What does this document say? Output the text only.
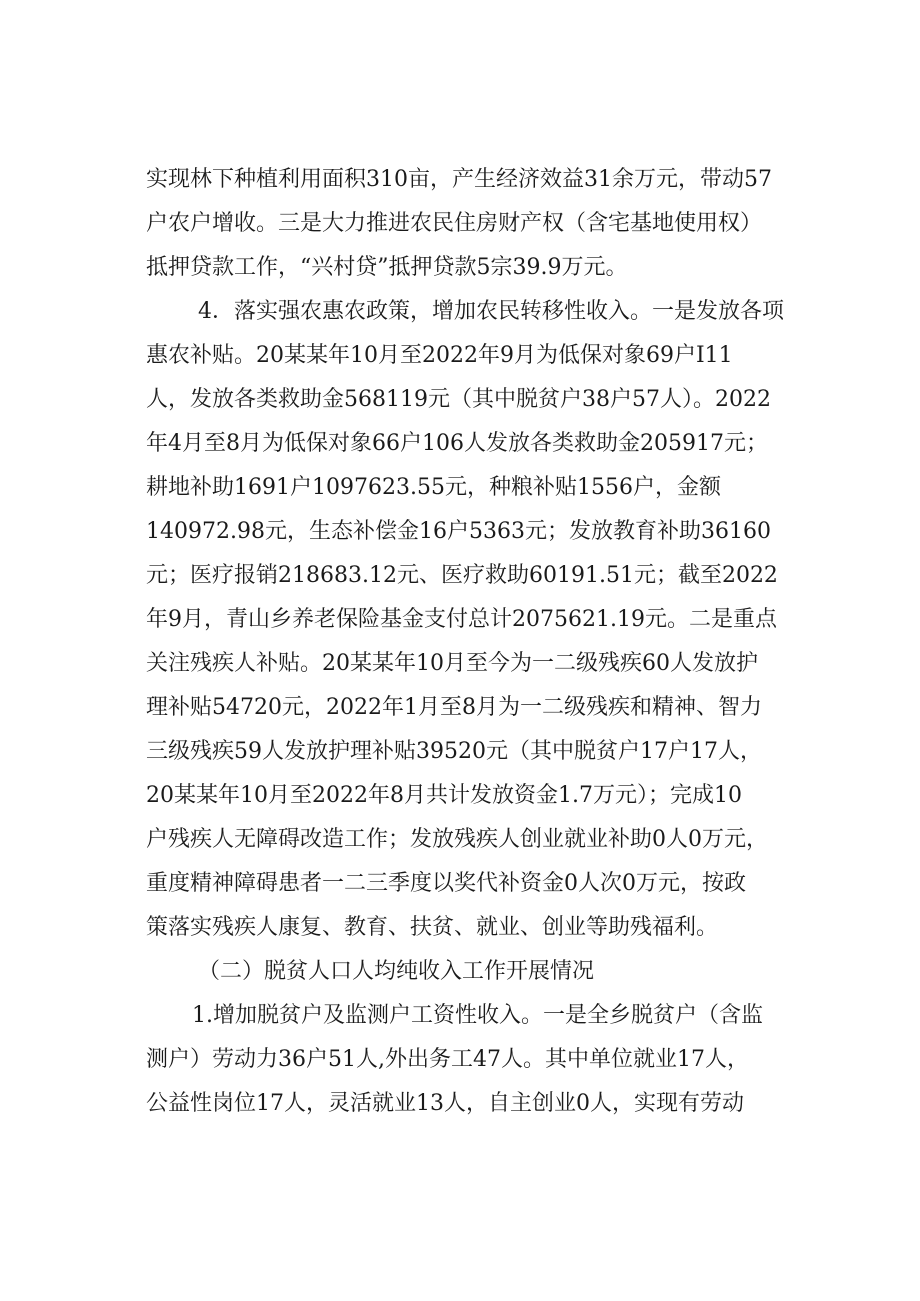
实现林下种植利用面积310亩，产生经济效益31余万元，带动57
户农户增收。三是大力推进农民住房财产权（含宅基地使用权）
抵押贷款工作，“兴村贷”抵押贷款5宗39.9万元。
4．落实强农惠农政策，增加农民转移性收入。一是发放各项
惠农补贴。20某某年10月至2022年9月为低保对象69户I11
人，发放各类救助金568119元（其中脱贫户38户57人）。2022
年4月至8月为低保对象66户106人发放各类救助金205917元；
耕地补助1691户1097623.55元，种粮补贴1556户，金额
140972.98元，生态补偿金16户5363元；发放教育补助36160
元；医疗报销218683.12元、医疗救助60191.51元；截至2022
年9月，青山乡养老保险基金支付总计2075621.19元。二是重点
关注残疾人补贴。20某某年10月至今为一二级残疾60人发放护
理补贴54720元，2022年1月至8月为一二级残疾和精神、智力
三级残疾59人发放护理补贴39520元（其中脱贫户17户17人，
20某某年10月至2022年8月共计发放资金1.7万元）；完成10
户残疾人无障碍改造工作；发放残疾人创业就业补助0人0万元，
重度精神障碍患者一二三季度以奖代补资金0人次0万元，按政
策落实残疾人康复、教育、扶贫、就业、创业等助残福利。
（二）脱贫人口人均纯收入工作开展情况
1.增加脱贫户及监测户工资性收入。一是全乡脱贫户（含监
测户）劳动力36户51人,外出务工47人。其中单位就业17人，
公益性岗位17人，灵活就业13人，自主创业0人，实现有劳动
